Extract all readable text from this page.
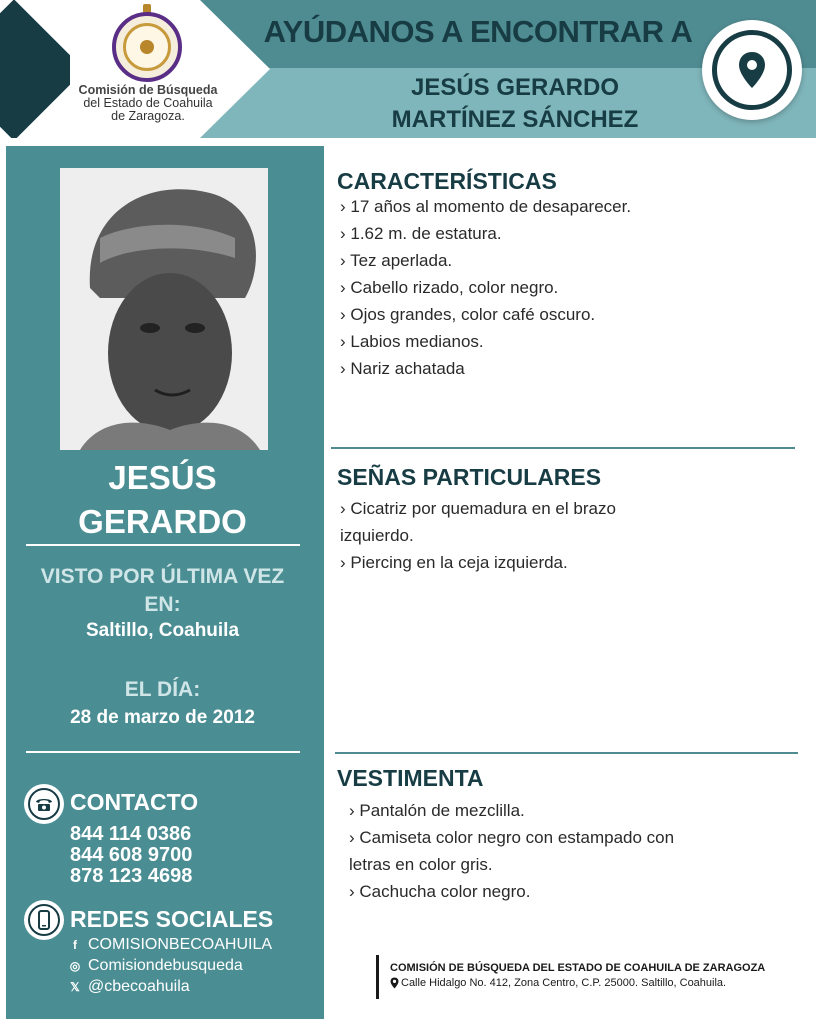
Comisión de Búsqueda
del Estado de Coahuila
de Zaragoza.
AYÚDANOS A ENCONTRAR A
JESÚS GERARDO
MARTÍNEZ SÁNCHEZ
JESÚS
GERARDO
VISTO POR ÚLTIMA VEZ
EN:
Saltillo, Coahuila
EL DÍA:
28 de marzo de 2012
CONTACTO
844 114 0386
844 608 9700
878 123 4698
REDES SOCIALES
f COMISIONBECOAHUILA
◎ Comisiondebusqueda
𝕏 @cbecoahuila
CARACTERÍSTICAS
› 17 años al momento de desaparecer.
› 1.62 m. de estatura.
› Tez aperlada.
› Cabello rizado, color negro.
› Ojos grandes, color café oscuro.
› Labios medianos.
› Nariz achatada
SEÑAS PARTICULARES
› Cicatriz por quemadura en el brazo
izquierdo.
› Piercing en la ceja izquierda.
VESTIMENTA
› Pantalón de mezclilla.
› Camiseta color negro con estampado con
letras en color gris.
› Cachucha color negro.
COMISIÓN DE BÚSQUEDA DEL ESTADO DE COAHUILA DE ZARAGOZA
Calle Hidalgo No. 412, Zona Centro, C.P. 25000. Saltillo, Coahuila.
